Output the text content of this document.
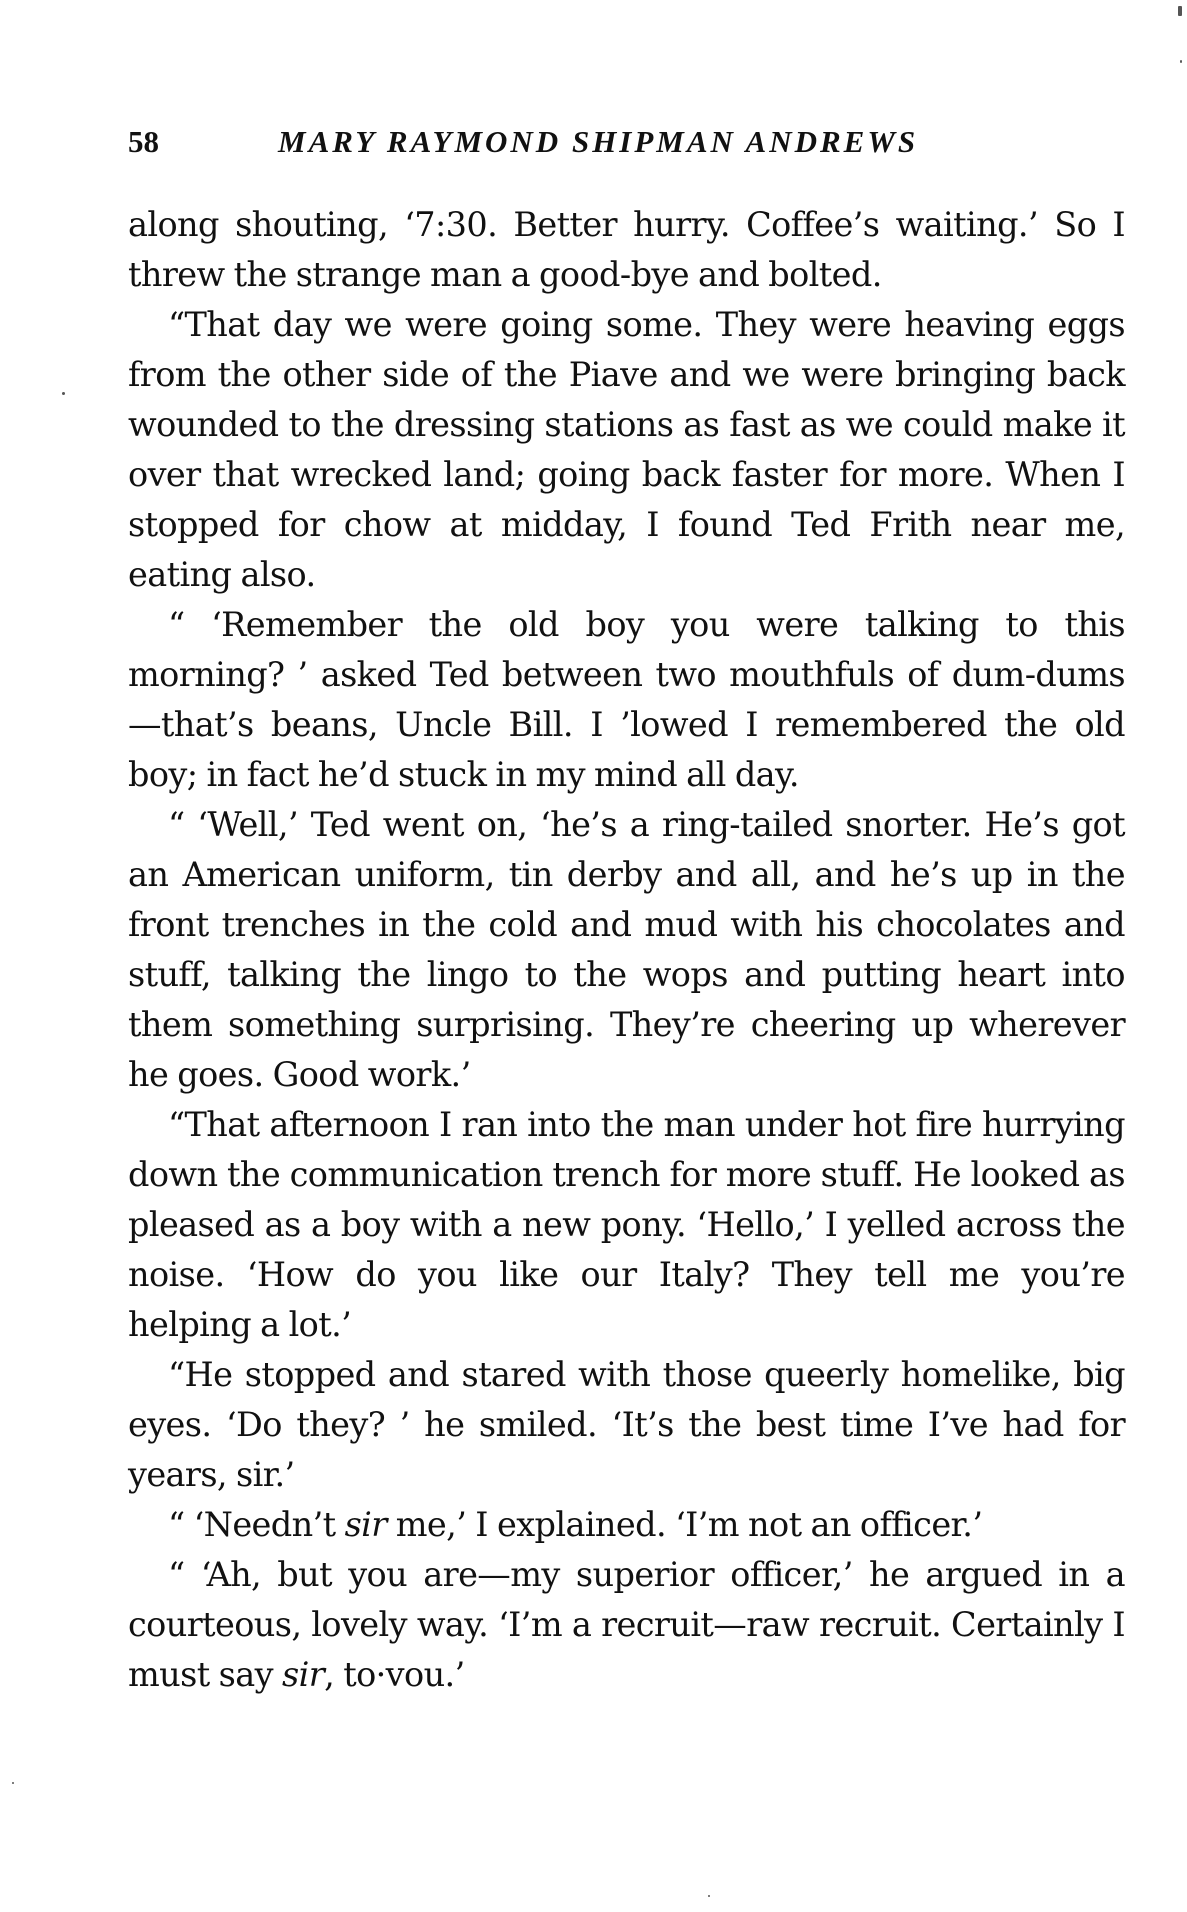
58	MARY RAYMOND SHIPMAN ANDREWS

along shouting, ‘7:30. Better hurry. Coffee’s waiting.’ So I threw the strange man a good-bye and bolted.

“That day we were going some. They were heaving eggs from the other side of the Piave and we were bringing back wounded to the dressing stations as fast as we could make it over that wrecked land; going back faster for more. When I stopped for chow at midday, I found Ted Frith near me, eating also.

“ ‘Remember the old boy you were talking to this morning? ’ asked Ted between two mouthfuls of dum-dums—that’s beans, Uncle Bill. I ’lowed I remembered the old boy; in fact he’d stuck in my mind all day.

“ ‘Well,’ Ted went on, ‘he’s a ring-tailed snorter. He’s got an American uniform, tin derby and all, and he’s up in the front trenches in the cold and mud with his chocolates and stuff, talking the lingo to the wops and putting heart into them something surprising. They’re cheering up wherever he goes. Good work.’

“That afternoon I ran into the man under hot fire hurrying down the communication trench for more stuff. He looked as pleased as a boy with a new pony. ‘Hello,’ I yelled across the noise. ‘How do you like our Italy? They tell me you’re helping a lot.’

“He stopped and stared with those queerly homelike, big eyes. ‘Do they? ’ he smiled. ‘It’s the best time I’ve had for years, sir.’

“ ‘Needn’t sir me,’ I explained. ‘I’m not an officer.’

“ ‘Ah, but you are—my superior officer,’ he argued in a courteous, lovely way. ‘I’m a recruit—raw recruit. Certainly I must say sir, to·vou.’
